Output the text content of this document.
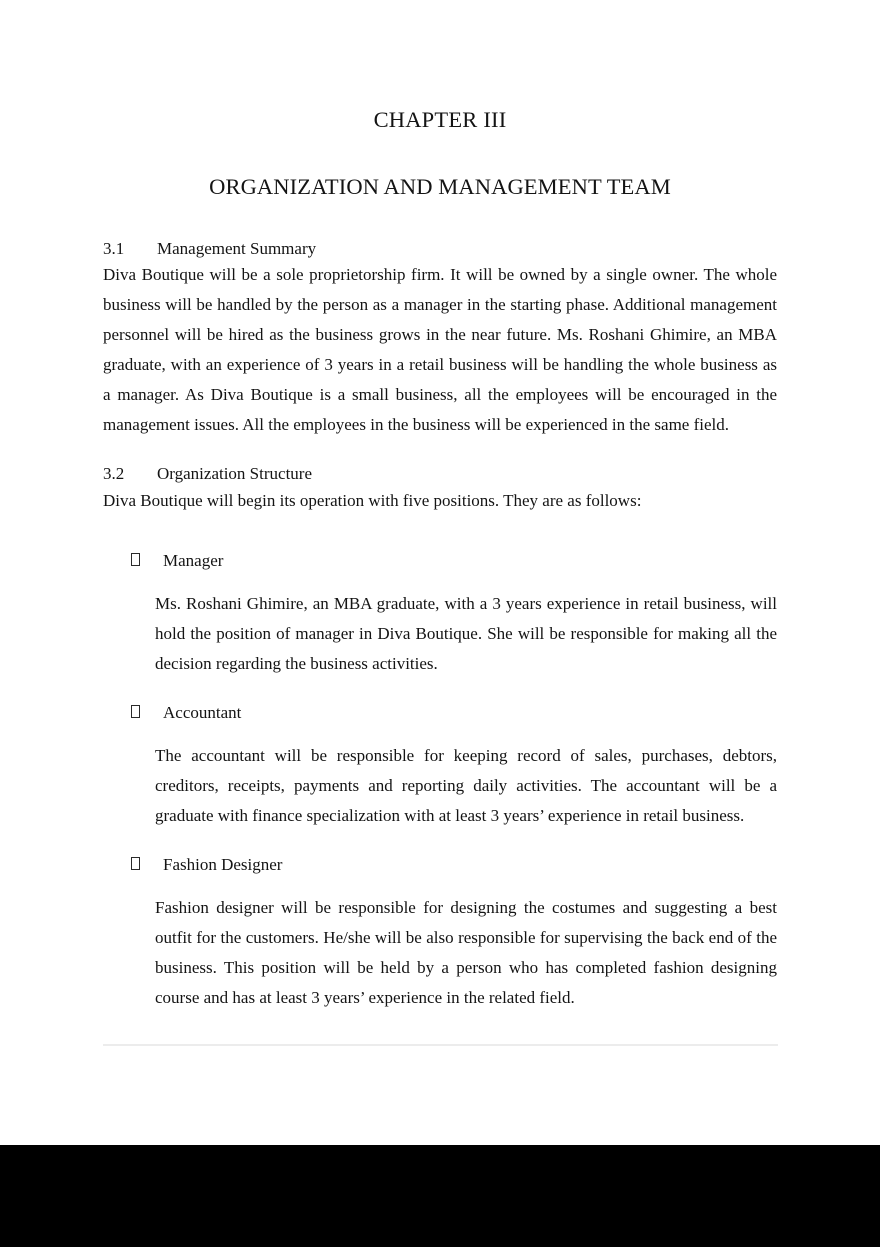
CHAPTER III
ORGANIZATION AND MANAGEMENT TEAM
3.1 Management Summary

Diva Boutique will be a sole proprietorship firm. It will be owned by a single owner. The whole business will be handled by the person as a manager in the starting phase. Additional management personnel will be hired as the business grows in the near future. Ms. Roshani Ghimire, an MBA graduate, with an experience of 3 years in a retail business will be handling the whole business as a manager. As Diva Boutique is a small business, all the employees will be encouraged in the management issues. All the employees in the business will be experienced in the same field.

3.2 Organization Structure

Diva Boutique will begin its operation with five positions. They are as follows:

Manager

Ms. Roshani Ghimire, an MBA graduate, with a 3 years experience in retail business, will hold the position of manager in Diva Boutique. She will be responsible for making all the decision regarding the business activities.

Accountant

The accountant will be responsible for keeping record of sales, purchases, debtors, creditors, receipts, payments and reporting daily activities. The accountant will be a graduate with finance specialization with at least 3 years’ experience in retail business.

Fashion Designer

Fashion designer will be responsible for designing the costumes and suggesting a best outfit for the customers. He/she will be also responsible for supervising the back end of the business. This position will be held by a person who has completed fashion designing course and has at least 3 years’ experience in the related field.
